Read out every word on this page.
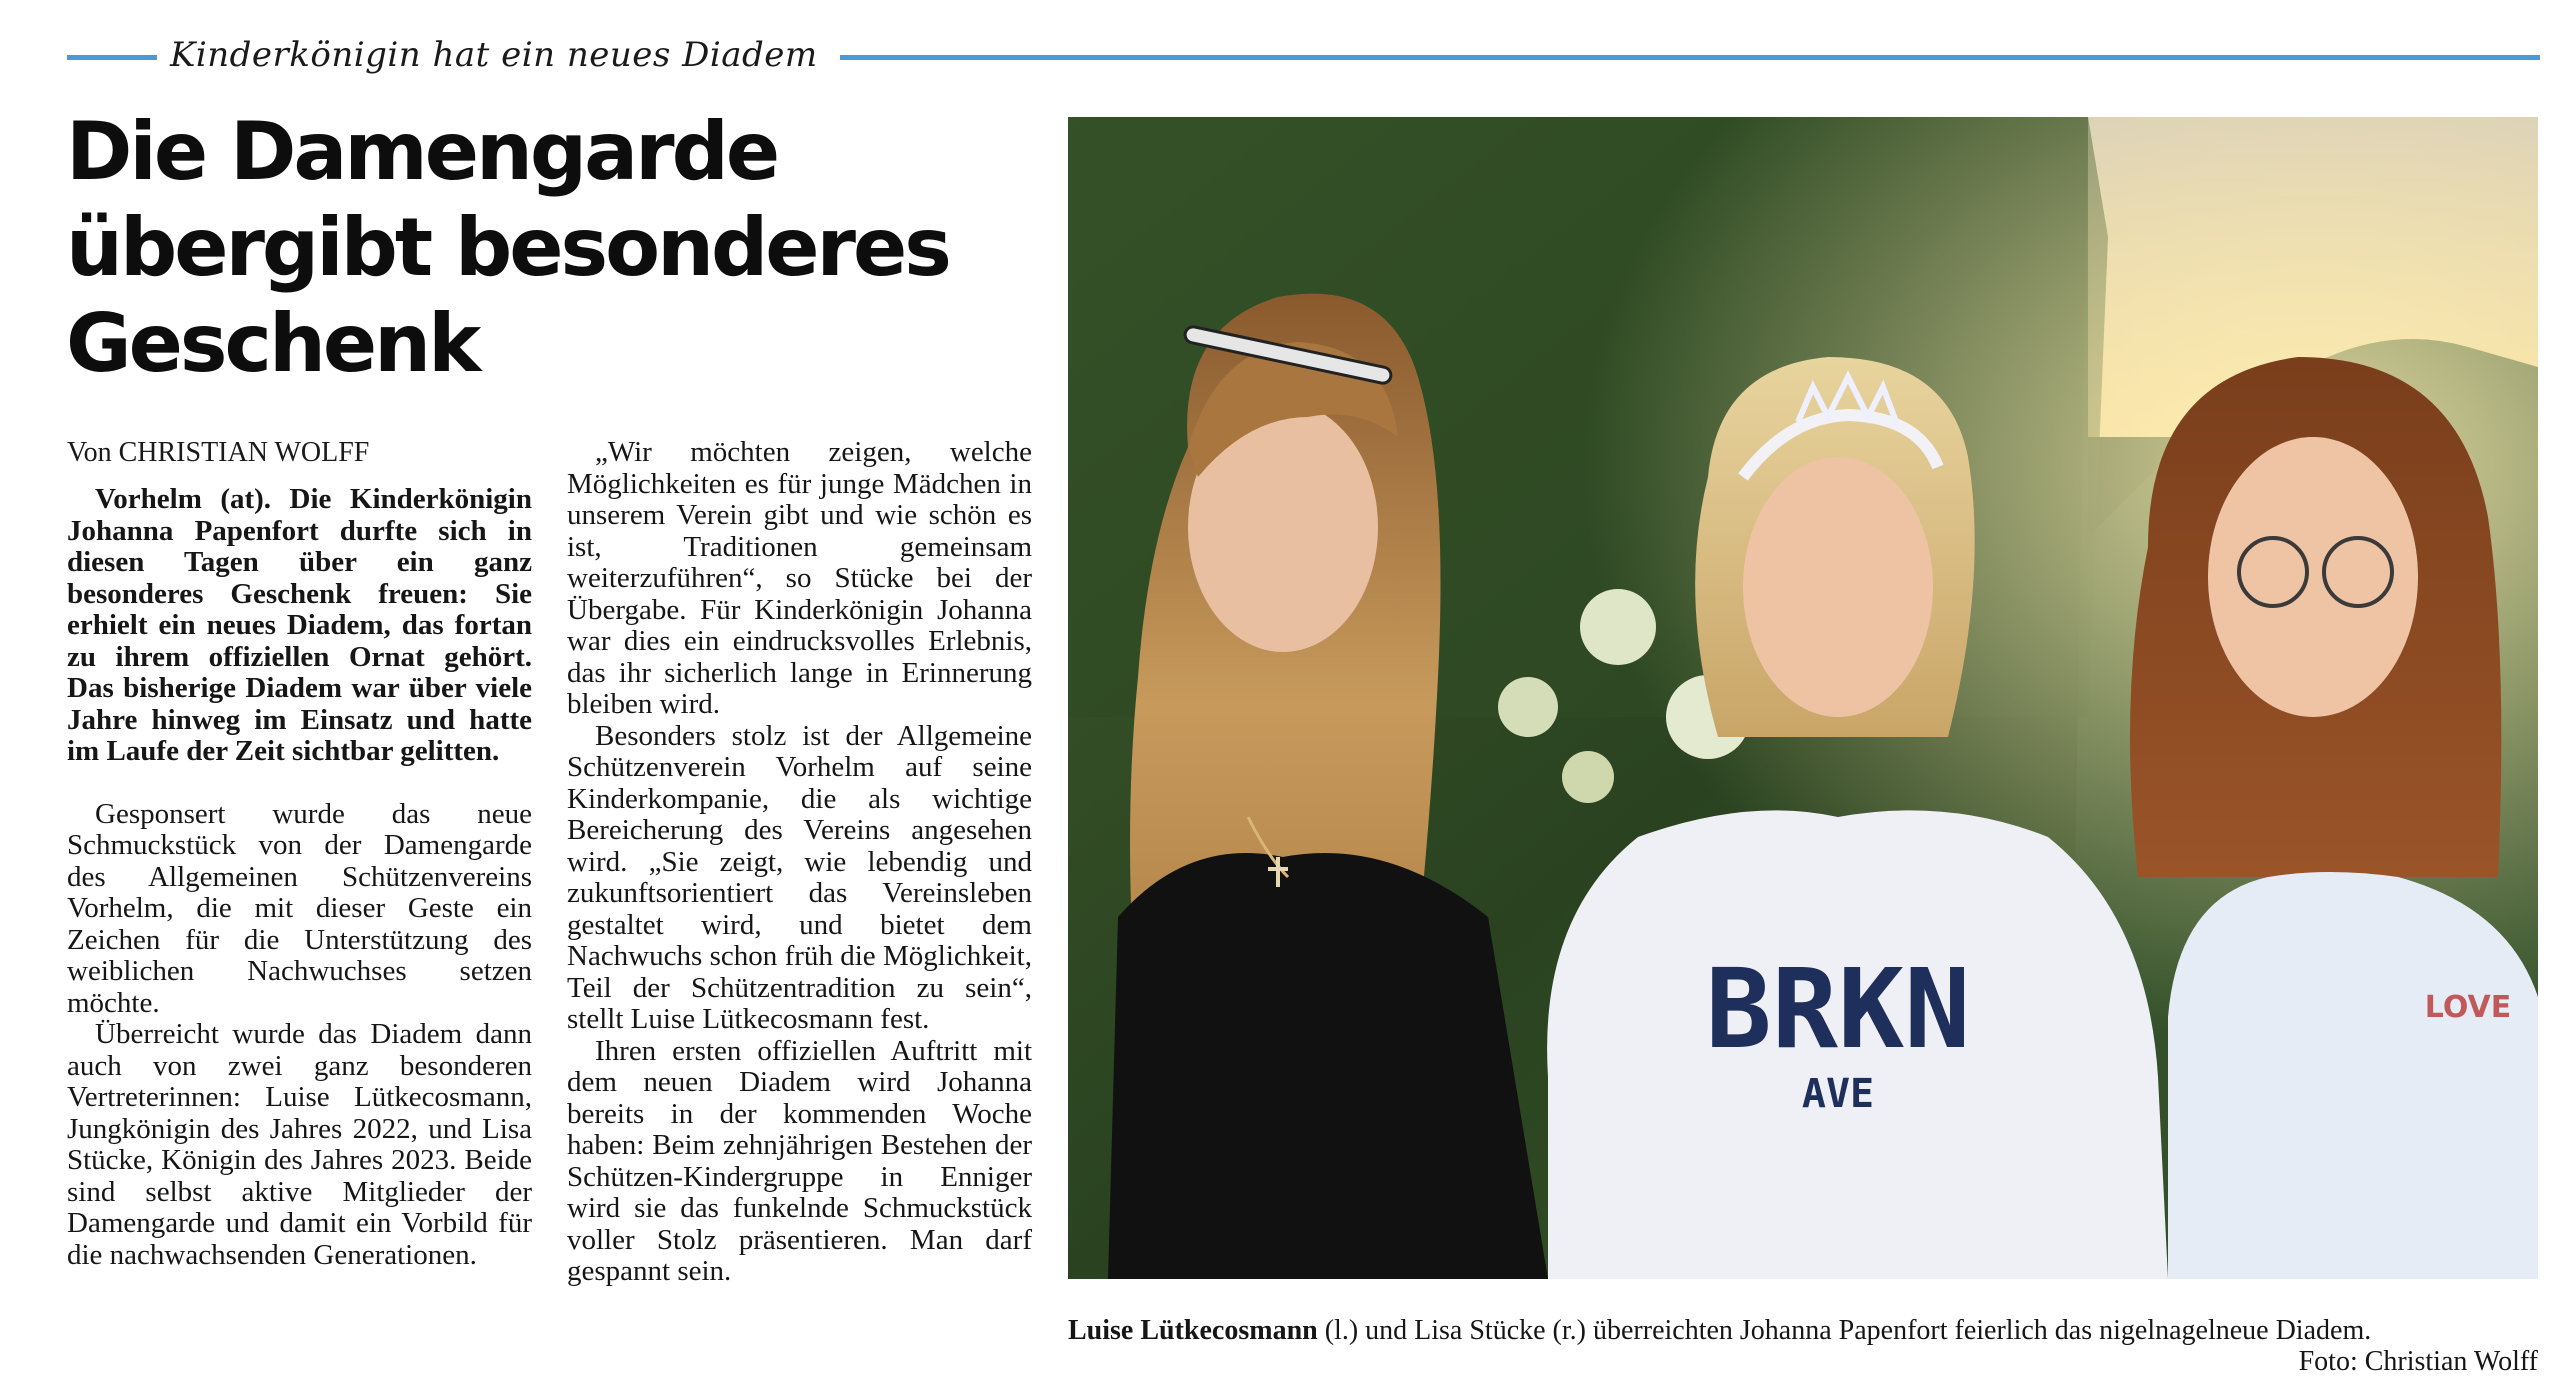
Kinderkönigin hat ein neues Diadem
Die Damengarde
übergibt besonderes
Geschenk
Von CHRISTIAN WOLFF

Vorhelm (at). Die Kinderkönigin Johanna Papenfort durfte sich in diesen Tagen über ein ganz besonderes Geschenk freuen: Sie erhielt ein neues Diadem, das fortan zu ihrem offiziellen Ornat gehört. Das bisherige Diadem war über viele Jahre hinweg im Einsatz und hatte im Laufe der Zeit sichtbar gelitten.

Gesponsert wurde das neue Schmuckstück von der Damengarde des Allgemeinen Schützenvereins Vorhelm, die mit dieser Geste ein Zeichen für die Unterstützung des weiblichen Nachwuchses setzen möchte.

Überreicht wurde das Diadem dann auch von zwei ganz besonderen Vertreterinnen: Luise Lütkecosmann, Jungkönigin des Jahres 2022, und Lisa Stücke, Königin des Jahres 2023. Beide sind selbst aktive Mitglieder der Damengarde und damit ein Vorbild für die nachwachsenden Generationen.

„Wir möchten zeigen, welche Möglichkeiten es für junge Mädchen in unserem Verein gibt und wie schön es ist, Traditionen gemeinsam weiterzuführen“, so Stücke bei der Übergabe. Für Kinderkönigin Johanna war dies ein eindrucksvolles Erlebnis, das ihr sicherlich lange in Erinnerung bleiben wird.

Besonders stolz ist der Allgemeine Schützenverein Vorhelm auf seine Kinderkompanie, die als wichtige Bereicherung des Vereins angesehen wird. „Sie zeigt, wie lebendig und zukunftsorientiert das Vereinsleben gestaltet wird, und bietet dem Nachwuchs schon früh die Möglichkeit, Teil der Schützentradition zu sein“, stellt Luise Lütkecosmann fest.

Ihren ersten offiziellen Auftritt mit dem neuen Diadem wird Johanna bereits in der kommenden Woche haben: Beim zehnjährigen Bestehen der Schützen-Kindergruppe in Enniger wird sie das funkelnde Schmuckstück voller Stolz präsentieren. Man darf gespannt sein.

BRKN
AVE
LOVE
Luise Lütkecosmann (l.) und Lisa Stücke (r.) überreichten Johanna Papenfort feierlich das nigelnagelneue Diadem.
Foto: Christian Wolff
